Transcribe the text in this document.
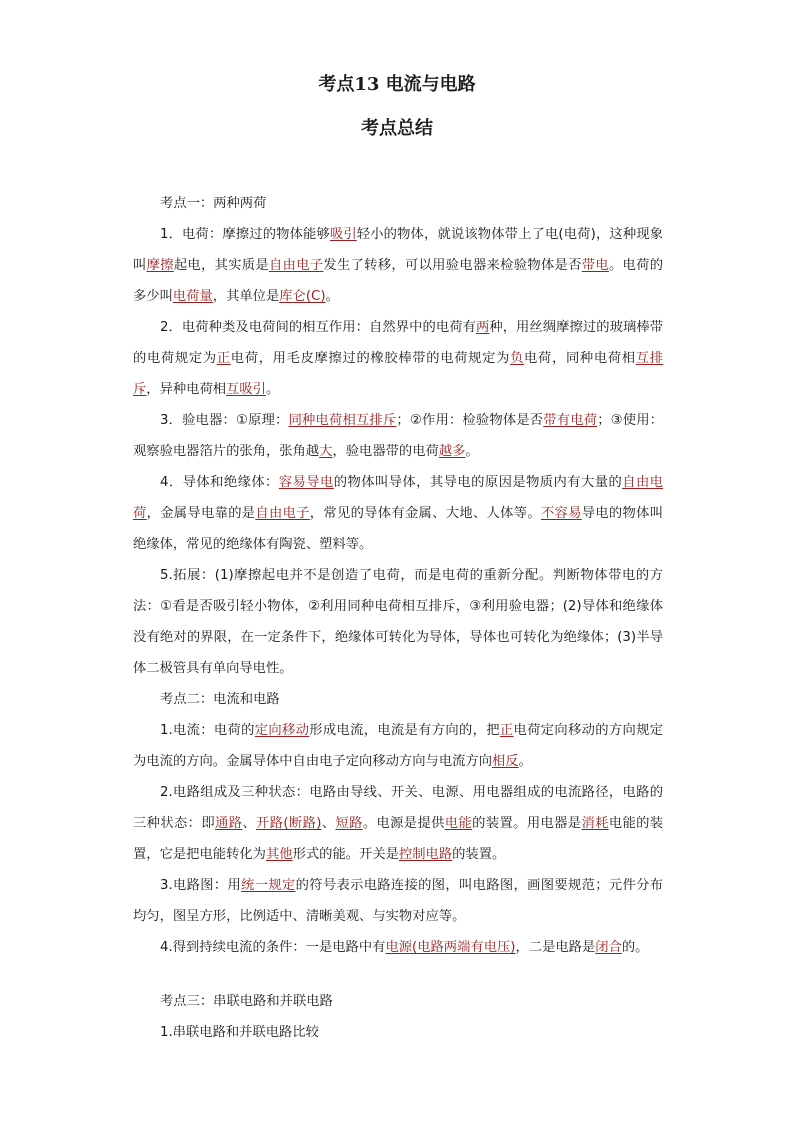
考点13 电流与电路
考点总结

考点一：两种两荷

1．电荷：摩擦过的物体能够吸引轻小的物体，就说该物体带上了电(电荷)，这种现象叫摩擦起电，其实质是自由电子发生了转移，可以用验电器来检验物体是否带电。电荷的多少叫电荷量，其单位是库仑(C)。

2．电荷种类及电荷间的相互作用：自然界中的电荷有两种，用丝绸摩擦过的玻璃棒带的电荷规定为正电荷，用毛皮摩擦过的橡胶棒带的电荷规定为负电荷，同种电荷相互排斥，异种电荷相互吸引。

3．验电器：①原理：同种电荷相互排斥；②作用：检验物体是否带有电荷；③使用：观察验电器箔片的张角，张角越大，验电器带的电荷越多。

4．导体和绝缘体：容易导电的物体叫导体，其导电的原因是物质内有大量的自由电荷，金属导电靠的是自由电子，常见的导体有金属、大地、人体等。不容易导电的物体叫绝缘体，常见的绝缘体有陶瓷、塑料等。

5.拓展：(1)摩擦起电并不是创造了电荷，而是电荷的重新分配。判断物体带电的方法：①看是否吸引轻小物体，②利用同种电荷相互排斥，③利用验电器；(2)导体和绝缘体没有绝对的界限，在一定条件下，绝缘体可转化为导体，导体也可转化为绝缘体；(3)半导体二极管具有单向导电性。

考点二：电流和电路

1.电流：电荷的定向移动形成电流，电流是有方向的，把正电荷定向移动的方向规定为电流的方向。金属导体中自由电子定向移动方向与电流方向相反。

2.电路组成及三种状态：电路由导线、开关、电源、用电器组成的电流路径，电路的三种状态：即通路、开路(断路)、短路。电源是提供电能的装置。用电器是消耗电能的装置，它是把电能转化为其他形式的能。开关是控制电路的装置。

3.电路图：用统一规定的符号表示电路连接的图，叫电路图，画图要规范；元件分布均匀，图呈方形，比例适中、清晰美观、与实物对应等。

4.得到持续电流的条件：一是电路中有电源(电路两端有电压)，二是电路是闭合的。

考点三：串联电路和并联电路

1.串联电路和并联电路比较
